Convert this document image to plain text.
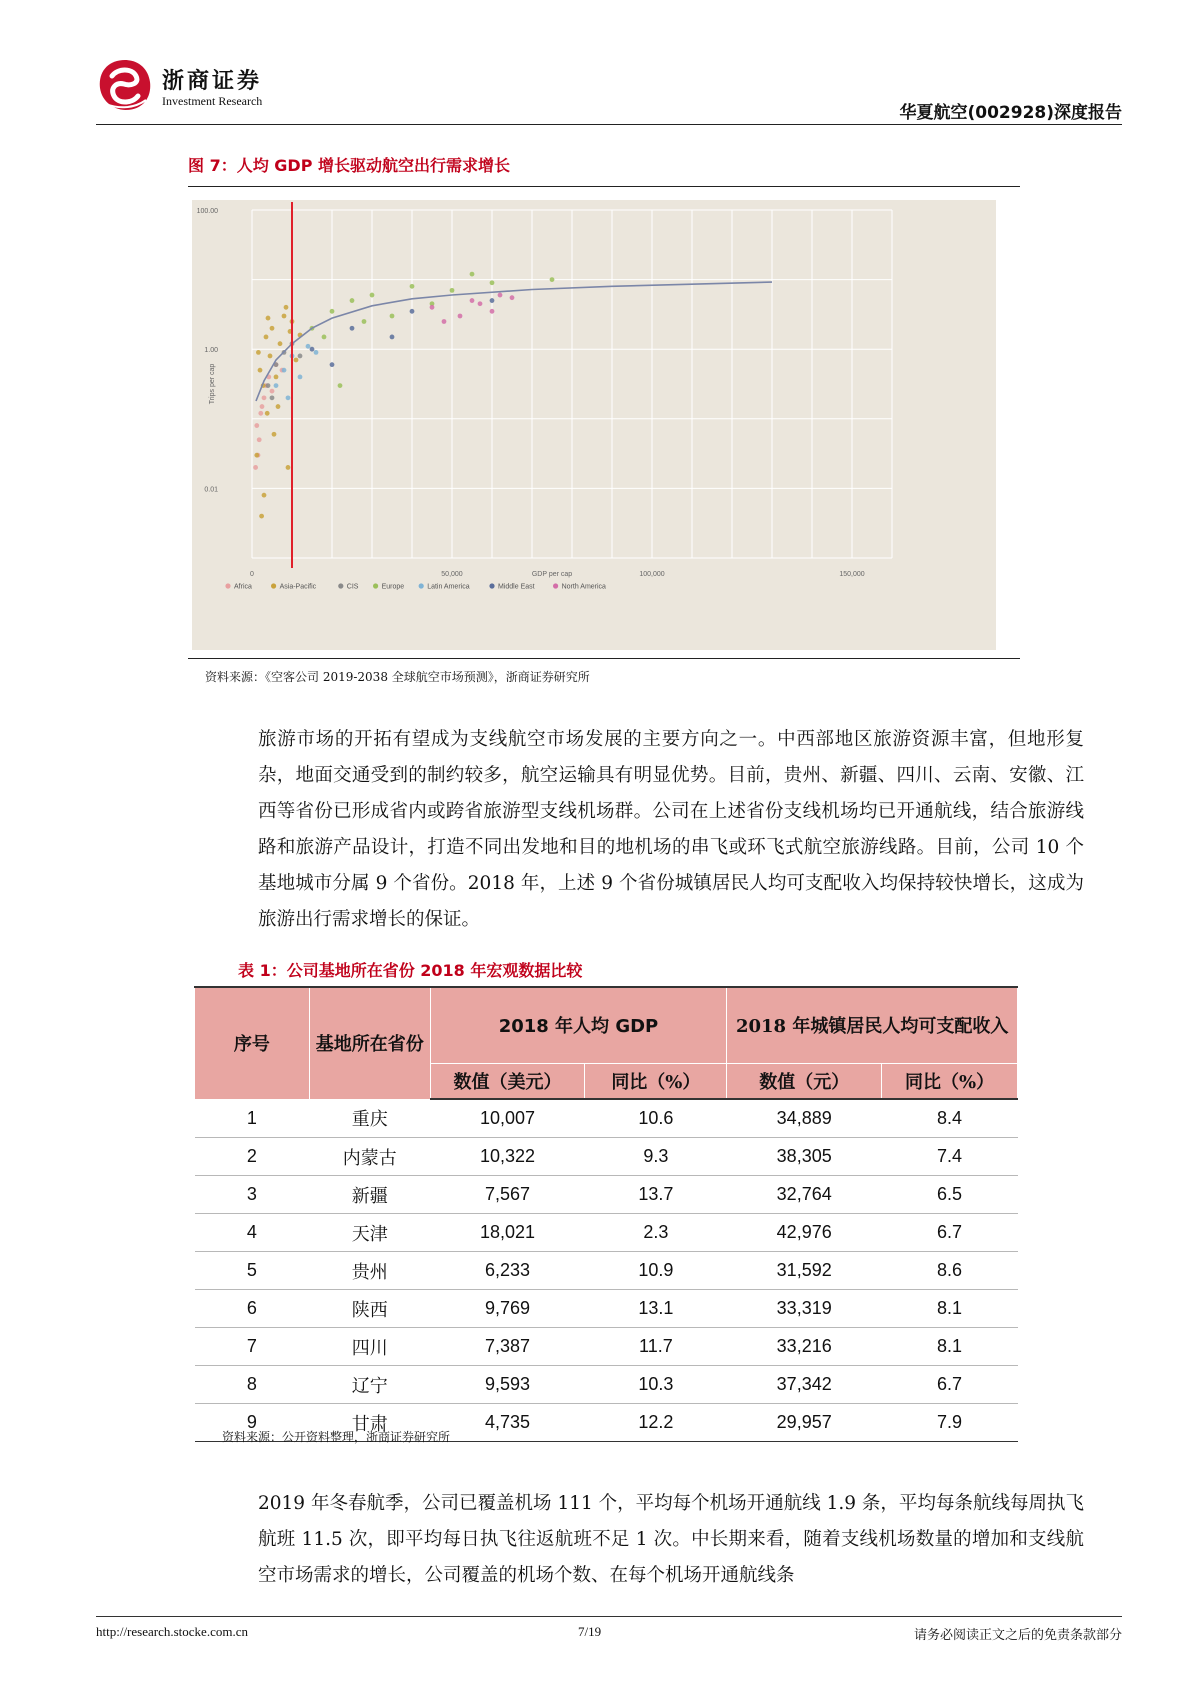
浙商证券
Investment Research
华夏航空(002928)深度报告
图 7：人均 GDP 增长驱动航空出行需求增长
0	50,000	100,000	150,000
100.00
1.00
0.01
GDP per cap
Trips per cap
Africa	Asia-Pacific	CIS	Europe	Latin America	Middle East	North America
资料来源：《空客公司 2019-2038 全球航空市场预测》，浙商证券研究所
旅游市场的开拓有望成为支线航空市场发展的主要方向之一。中西部地区旅游资源丰富，但地形复杂，地面交通受到的制约较多，航空运输具有明显优势。目前，贵州、新疆、四川、云南、安徽、江西等省份已形成省内或跨省旅游型支线机场群。公司在上述省份支线机场均已开通航线，结合旅游线路和旅游产品设计，打造不同出发地和目的地机场的串飞或环飞式航空旅游线路。目前，公司 10 个基地城市分属 9 个省份。2018 年，上述 9 个省份城镇居民人均可支配收入均保持较快增长，这成为旅游出行需求增长的保证。
表 1：公司基地所在省份 2018 年宏观数据比较
序号	基地所在省份	2018 年人均 GDP		2018 年城镇居民人均可支配收入	
		数值（美元）	同比（%）	数值（元）	同比（%）
1	重庆	10,007	10.6	34,889	8.4
2	内蒙古	10,322	9.3	38,305	7.4
3	新疆	7,567	13.7	32,764	6.5
4	天津	18,021	2.3	42,976	6.7
5	贵州	6,233	10.9	31,592	8.6
6	陕西	9,769	13.1	33,319	8.1
7	四川	7,387	11.7	33,216	8.1
8	辽宁	9,593	10.3	37,342	6.7
9	甘肃	4,735	12.2	29,957	7.9
资料来源：公开资料整理，浙商证券研究所
2019 年冬春航季，公司已覆盖机场 111 个，平均每个机场开通航线 1.9 条，平均每条航线每周执飞航班 11.5 次，即平均每日执飞往返航班不足 1 次。中长期来看，随着支线机场数量的增加和支线航空市场需求的增长，公司覆盖的机场个数、在每个机场开通航线条
http://research.stocke.com.cn	7/19	请务必阅读正文之后的免责条款部分
